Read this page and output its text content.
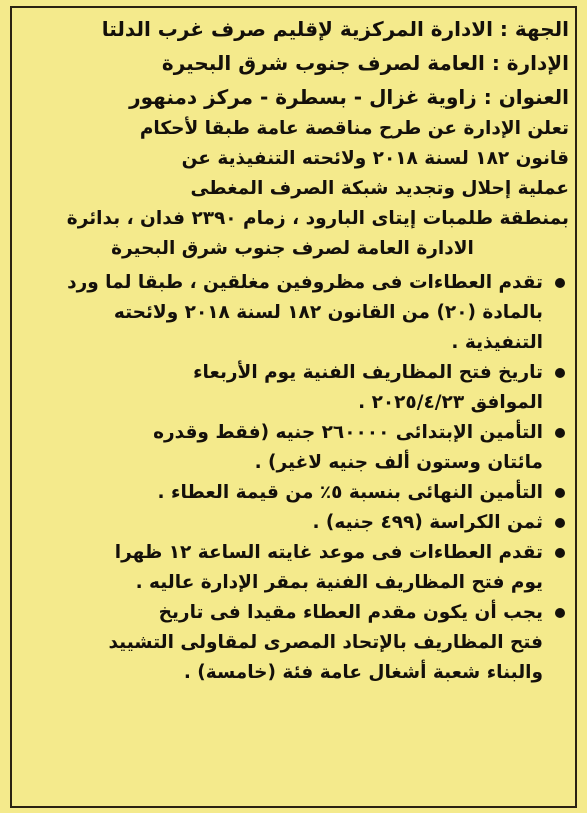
الجهة : الادارة المركزية لإقليم صرف غرب الدلتا
الإدارة : العامة لصرف جنوب شرق البحيرة
العنوان : زاوية غزال - بسطرة - مركز دمنهور
تعلن الإدارة عن طرح مناقصة عامة طبقا لأحكام
قانون ١٨٢ لسنة ٢٠١٨ ولائحته التنفيذية عن
عملية إحلال وتجديد شبكة الصرف المغطى
بمنطقة طلمبات إيتاى البارود ، زمام ٢٣٩٠ فدان ، بدائرة
الادارة العامة لصرف جنوب شرق البحيرة
تقدم العطاءات فى مظروفين مغلقين ، طبقا لما ورد
بالمادة (٢٠) من القانون ١٨٢ لسنة ٢٠١٨ ولائحته
التنفيذية .
تاريخ فتح المظاريف الفنية يوم الأربعاء
الموافق ٢٠٢٥/٤/٢٣ .
التأمين الإبتدائى ٢٦٠٠٠٠ جنيه (فقط وقدره
مائتان وستون ألف جنيه لاغير) .
التأمين النهائى بنسبة ٥٪ من قيمة العطاء .
ثمن الكراسة (٤٩٩ جنيه) .
تقدم العطاءات فى موعد غايته الساعة ١٢ ظهرا
يوم فتح المظاريف الفنية بمقر الإدارة عاليه .
يجب أن يكون مقدم العطاء مقيدا فى تاريخ
فتح المظاريف بالإتحاد المصرى لمقاولى التشييد
والبناء شعبة أشغال عامة فئة (خامسة) .
